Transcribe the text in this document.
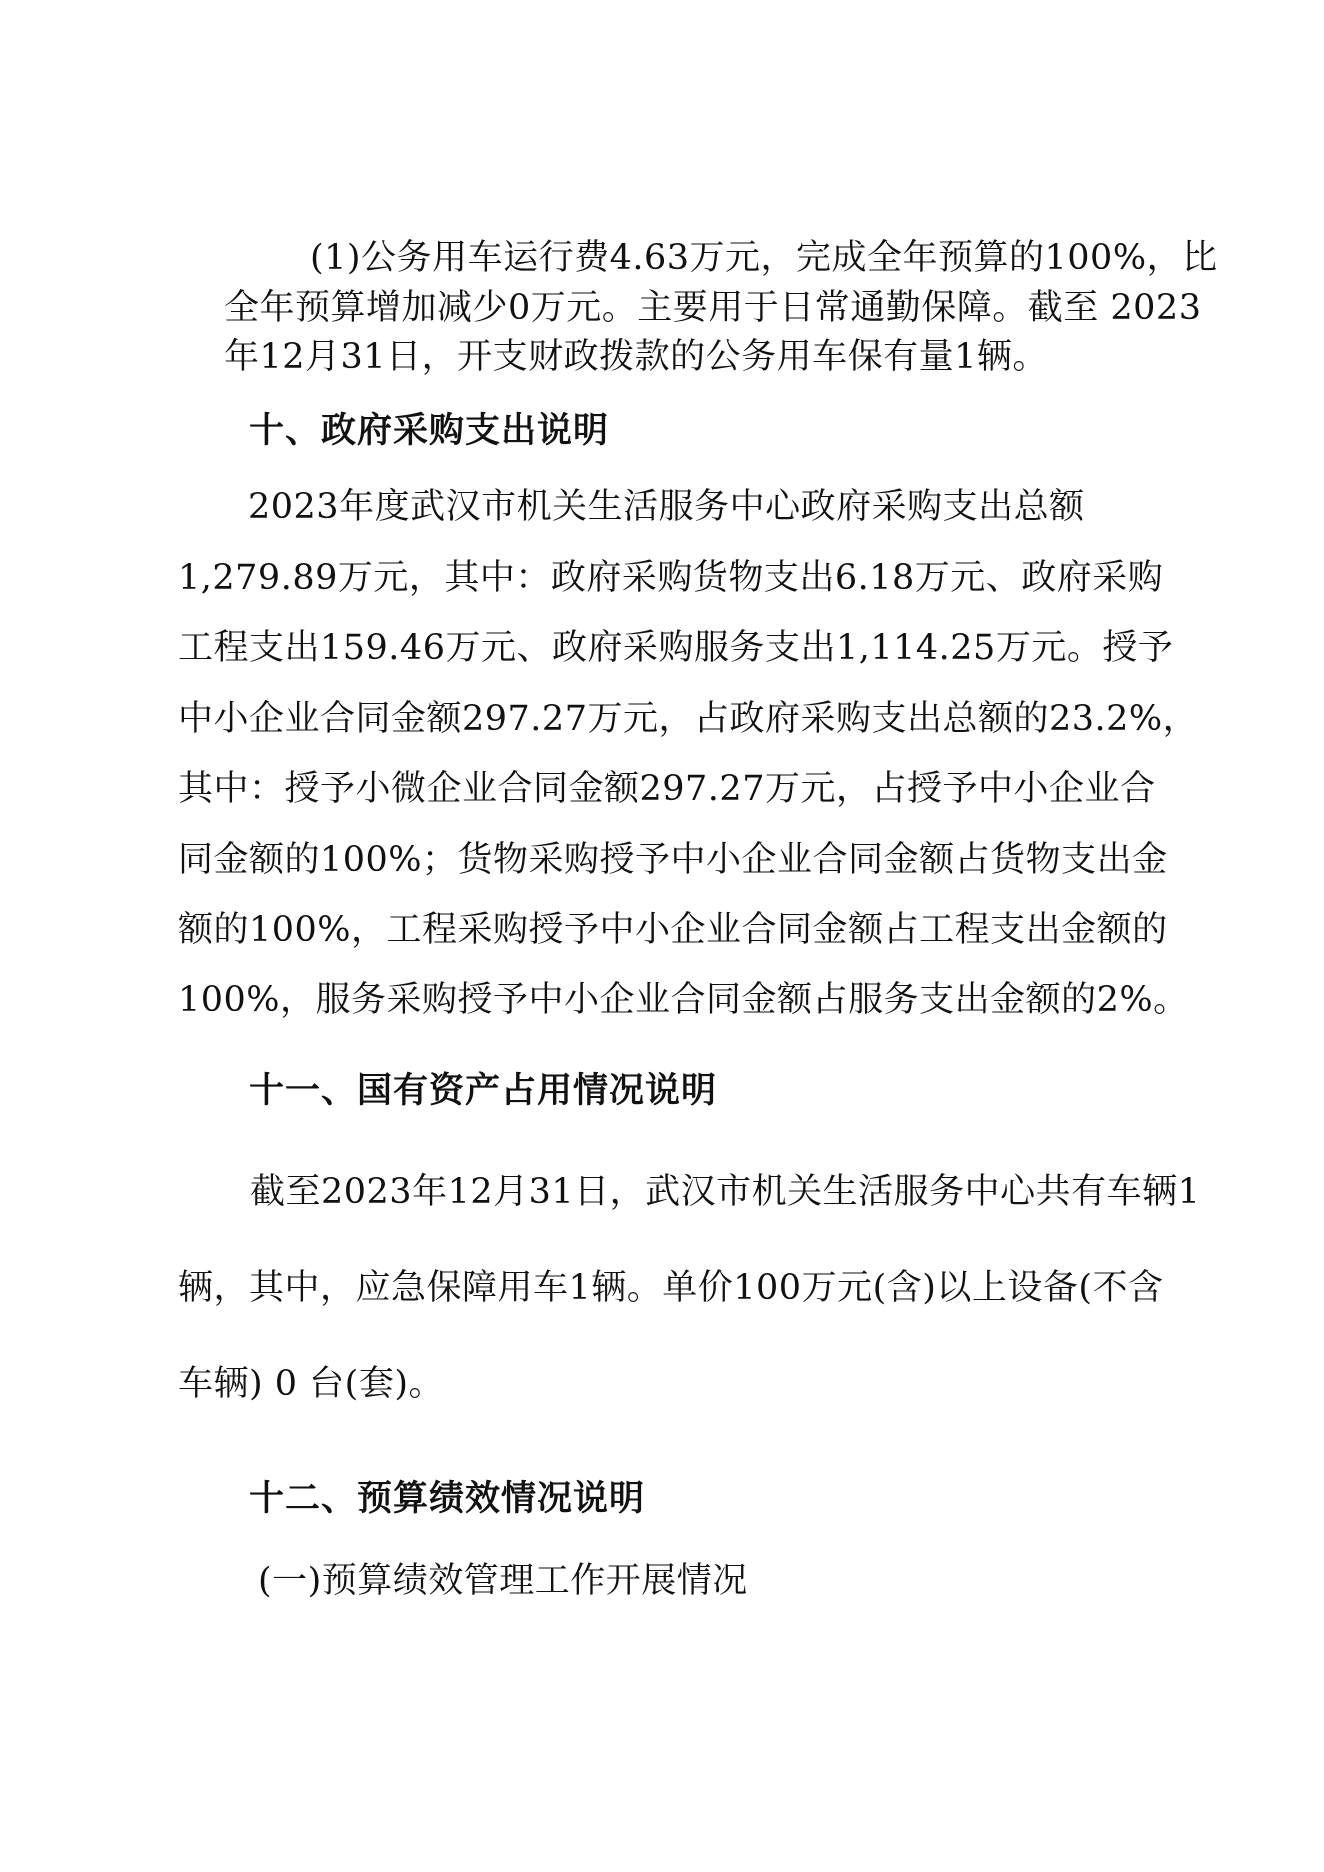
(1)公务用车运行费4.63万元，完成全年预算的100%，比
全年预算增加减少0万元。主要用于日常通勤保障。截至 2023
年12月31日，开支财政拨款的公务用车保有量1辆。
十、政府采购支出说明
2023年度武汉市机关生活服务中心政府采购支出总额
1,279.89万元，其中：政府采购货物支出6.18万元、政府采购
工程支出159.46万元、政府采购服务支出1,114.25万元。授予
中小企业合同金额297.27万元，占政府采购支出总额的23.2%，
其中：授予小微企业合同金额297.27万元，占授予中小企业合
同金额的100%；货物采购授予中小企业合同金额占货物支出金
额的100%，工程采购授予中小企业合同金额占工程支出金额的
100%，服务采购授予中小企业合同金额占服务支出金额的2%。
十一、国有资产占用情况说明
截至2023年12月31日，武汉市机关生活服务中心共有车辆1
辆，其中，应急保障用车1辆。单价100万元(含)以上设备(不含
车辆) 0 台(套)。
十二、预算绩效情况说明
(一)预算绩效管理工作开展情况
